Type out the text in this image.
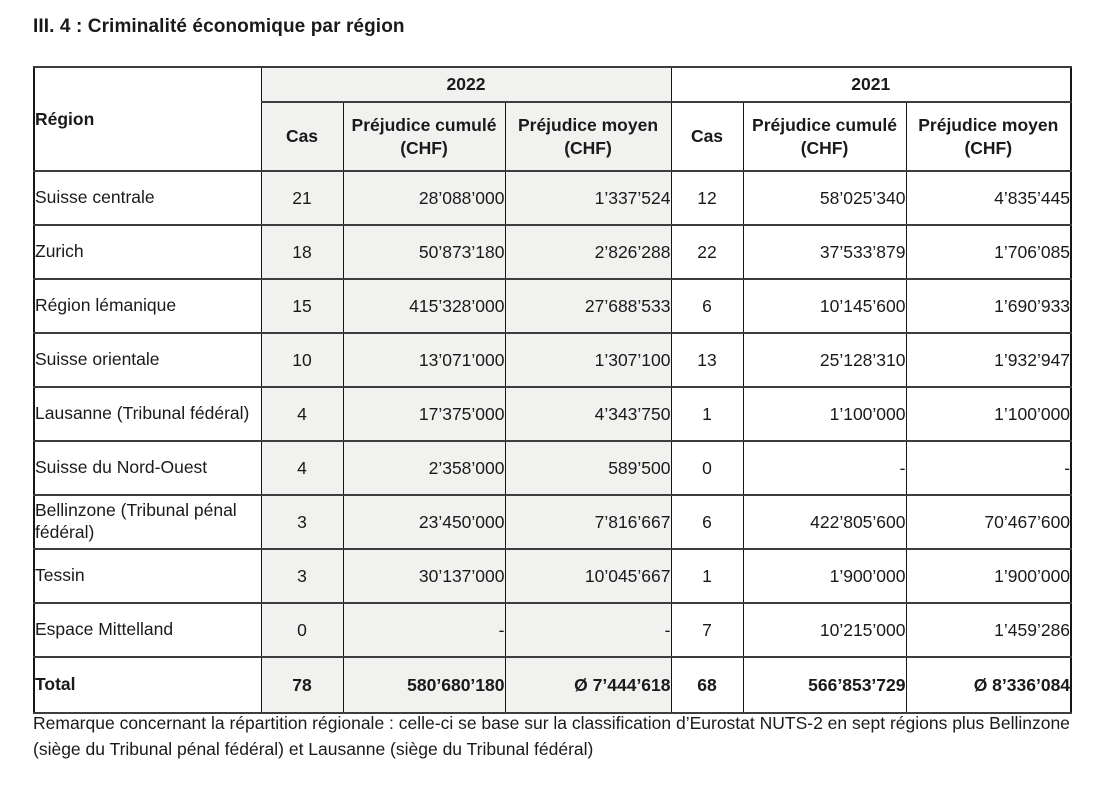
III. 4 : Criminalité économique par région
Région	2022			2021		
	Cas	Préjudice cumulé (CHF)	Préjudice moyen (CHF)	Cas	Préjudice cumulé (CHF)	Préjudice moyen (CHF)
Suisse centrale	21	28’088’000	1’337’524	12	58’025’340	4’835’445
Zurich	18	50’873’180	2’826’288	22	37’533’879	1’706’085
Région lémanique	15	415’328’000	27’688’533	6	10’145’600	1’690’933
Suisse orientale	10	13’071’000	1’307’100	13	25’128’310	1’932’947
Lausanne (Tribunal fédéral)	4	17’375’000	4’343’750	1	1’100’000	1’100’000
Suisse du Nord-Ouest	4	2’358’000	589’500	0	-	-
Bellinzone (Tribunal pénal fédéral)	3	23’450’000	7’816’667	6	422’805’600	70’467’600
Tessin	3	30’137’000	10’045’667	1	1’900’000	1’900’000
Espace Mittelland	0	-	-	7	10’215’000	1’459’286
Total	78	580’680’180	Ø 7’444’618	68	566’853’729	Ø 8’336’084
Remarque concernant la répartition régionale : celle-ci se base sur la classification d’Eurostat NUTS-2 en sept régions plus Bellinzone (siège du Tribunal pénal fédéral) et Lausanne (siège du Tribunal fédéral)
